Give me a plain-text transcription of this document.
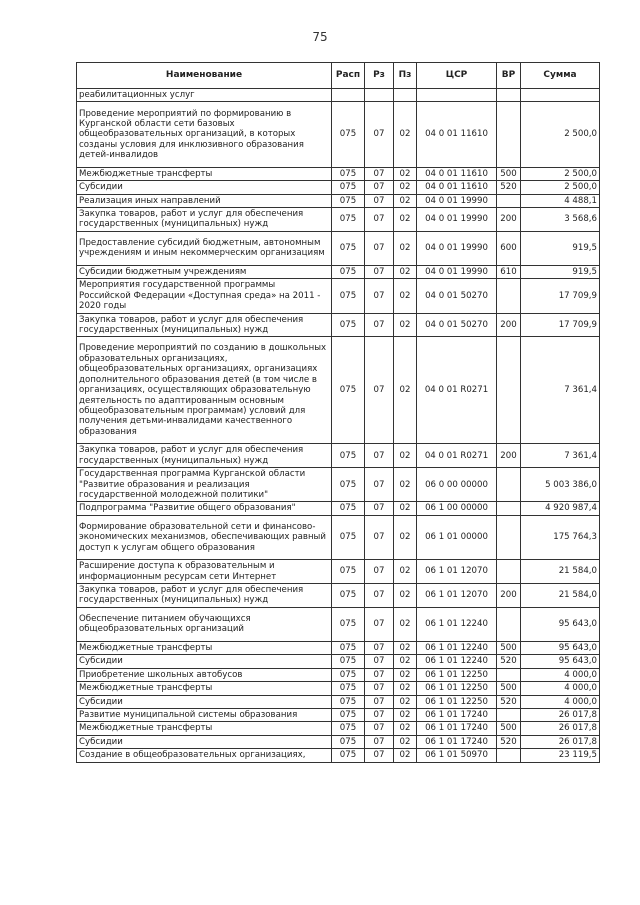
75
Наименование	Расп	Рз	Пз	ЦСР	ВР	Сумма
реабилитационных услуг						
Проведение мероприятий по формированию в Курганской области сети базовых общеобразовательных организаций, в которых созданы условия для инклюзивного образования детей-инвалидов	075	07	02	04 0 01 11610		2 500,0
Межбюджетные трансферты	075	07	02	04 0 01 11610	500	2 500,0
Субсидии	075	07	02	04 0 01 11610	520	2 500,0
Реализация иных направлений	075	07	02	04 0 01 19990		4 488,1
Закупка товаров, работ и услуг для обеспечения государственных (муниципальных) нужд	075	07	02	04 0 01 19990	200	3 568,6
Предоставление субсидий бюджетным, автономным учреждениям и иным некоммерческим организациям	075	07	02	04 0 01 19990	600	919,5
Субсидии бюджетным учреждениям	075	07	02	04 0 01 19990	610	919,5
Мероприятия государственной программы Российской Федерации «Доступная среда» на 2011 - 2020 годы	075	07	02	04 0 01 50270		17 709,9
Закупка товаров, работ и услуг для обеспечения государственных (муниципальных) нужд	075	07	02	04 0 01 50270	200	17 709,9
Проведение мероприятий по созданию в дошкольных образовательных организациях, общеобразовательных организациях, организациях дополнительного образования детей (в том числе в организациях, осуществляющих образовательную деятельность по адаптированным основным общеобразовательным программам) условий для получения детьми-инвалидами качественного образования	075	07	02	04 0 01 R0271		7 361,4
Закупка товаров, работ и услуг для обеспечения государственных (муниципальных) нужд	075	07	02	04 0 01 R0271	200	7 361,4
Государственная программа Курганской области "Развитие образования и реализация государственной молодежной политики"	075	07	02	06 0 00 00000		5 003 386,0
Подпрограмма "Развитие общего образования"	075	07	02	06 1 00 00000		4 920 987,4
Формирование образовательной сети и финансово-экономических механизмов, обеспечивающих равный доступ к услугам общего образования	075	07	02	06 1 01 00000		175 764,3
Расширение доступа к образовательным и информационным ресурсам сети Интернет	075	07	02	06 1 01 12070		21 584,0
Закупка товаров, работ и услуг для обеспечения государственных (муниципальных) нужд	075	07	02	06 1 01 12070	200	21 584,0
Обеспечение питанием обучающихся общеобразовательных организаций	075	07	02	06 1 01 12240		95 643,0
Межбюджетные трансферты	075	07	02	06 1 01 12240	500	95 643,0
Субсидии	075	07	02	06 1 01 12240	520	95 643,0
Приобретение школьных автобусов	075	07	02	06 1 01 12250		4 000,0
Межбюджетные трансферты	075	07	02	06 1 01 12250	500	4 000,0
Субсидии	075	07	02	06 1 01 12250	520	4 000,0
Развитие муниципальной системы образования	075	07	02	06 1 01 17240		26 017,8
Межбюджетные трансферты	075	07	02	06 1 01 17240	500	26 017,8
Субсидии	075	07	02	06 1 01 17240	520	26 017,8
Создание в общеобразовательных организациях,	075	07	02	06 1 01 50970		23 119,5
